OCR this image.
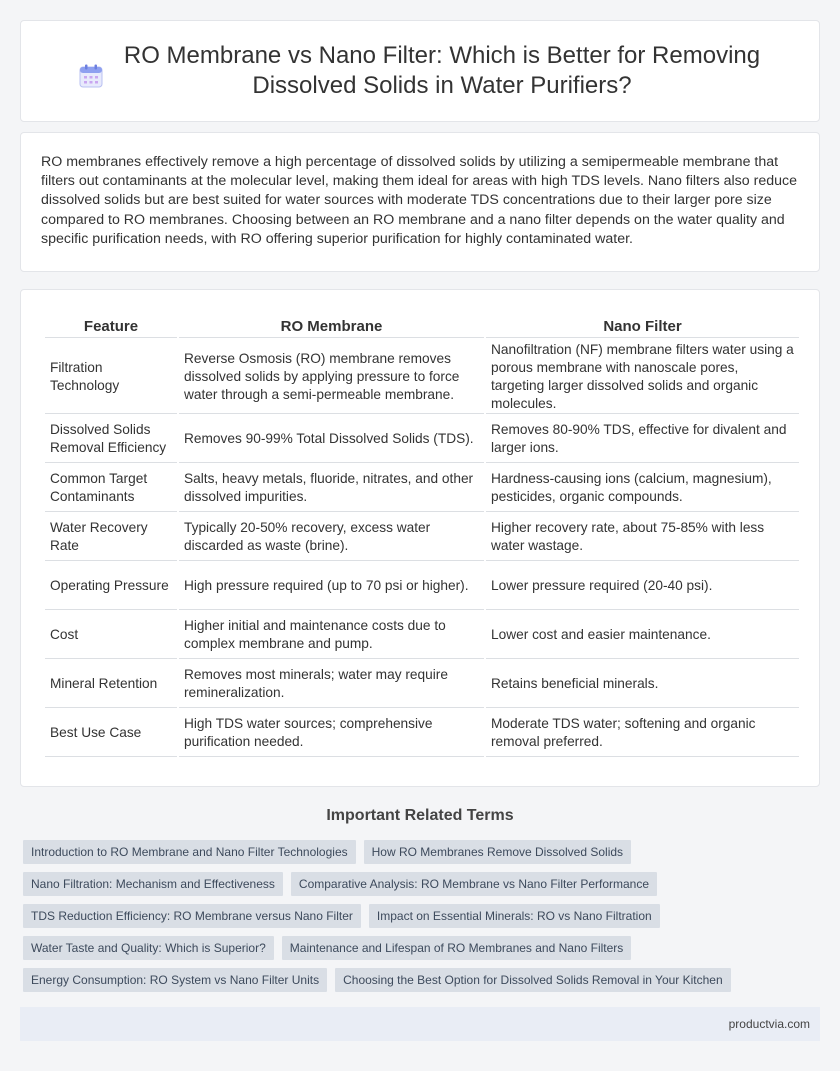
RO Membrane vs Nano Filter: Which is Better for Removing Dissolved Solids in Water Purifiers?

RO membranes effectively remove a high percentage of dissolved solids by utilizing a semipermeable membrane that filters out contaminants at the molecular level, making them ideal for areas with high TDS levels. Nano filters also reduce dissolved solids but are best suited for water sources with moderate TDS concentrations due to their larger pore size compared to RO membranes. Choosing between an RO membrane and a nano filter depends on the water quality and specific purification needs, with RO offering superior purification for highly contaminated water.

Feature	RO Membrane	Nano Filter
Filtration Technology	Reverse Osmosis (RO) membrane removes dissolved solids by applying pressure to force water through a semi-permeable membrane.	Nanofiltration (NF) membrane filters water using a porous membrane with nanoscale pores, targeting larger dissolved solids and organic molecules.
Dissolved Solids Removal Efficiency	Removes 90-99% Total Dissolved Solids (TDS).	Removes 80-90% TDS, effective for divalent and larger ions.
Common Target Contaminants	Salts, heavy metals, fluoride, nitrates, and other dissolved impurities.	Hardness-causing ions (calcium, magnesium), pesticides, organic compounds.
Water Recovery Rate	Typically 20-50% recovery, excess water discarded as waste (brine).	Higher recovery rate, about 75-85% with less water wastage.
Operating Pressure	High pressure required (up to 70 psi or higher).	Lower pressure required (20-40 psi).
Cost	Higher initial and maintenance costs due to complex membrane and pump.	Lower cost and easier maintenance.
Mineral Retention	Removes most minerals; water may require remineralization.	Retains beneficial minerals.
Best Use Case	High TDS water sources; comprehensive purification needed.	Moderate TDS water; softening and organic removal preferred.
Important Related Terms
Introduction to RO Membrane and Nano Filter Technologies	How RO Membranes Remove Dissolved Solids
Nano Filtration: Mechanism and Effectiveness	Comparative Analysis: RO Membrane vs Nano Filter Performance
TDS Reduction Efficiency: RO Membrane versus Nano Filter	Impact on Essential Minerals: RO vs Nano Filtration
Water Taste and Quality: Which is Superior?	Maintenance and Lifespan of RO Membranes and Nano Filters
Energy Consumption: RO System vs Nano Filter Units	Choosing the Best Option for Dissolved Solids Removal in Your Kitchen
productvia.com
